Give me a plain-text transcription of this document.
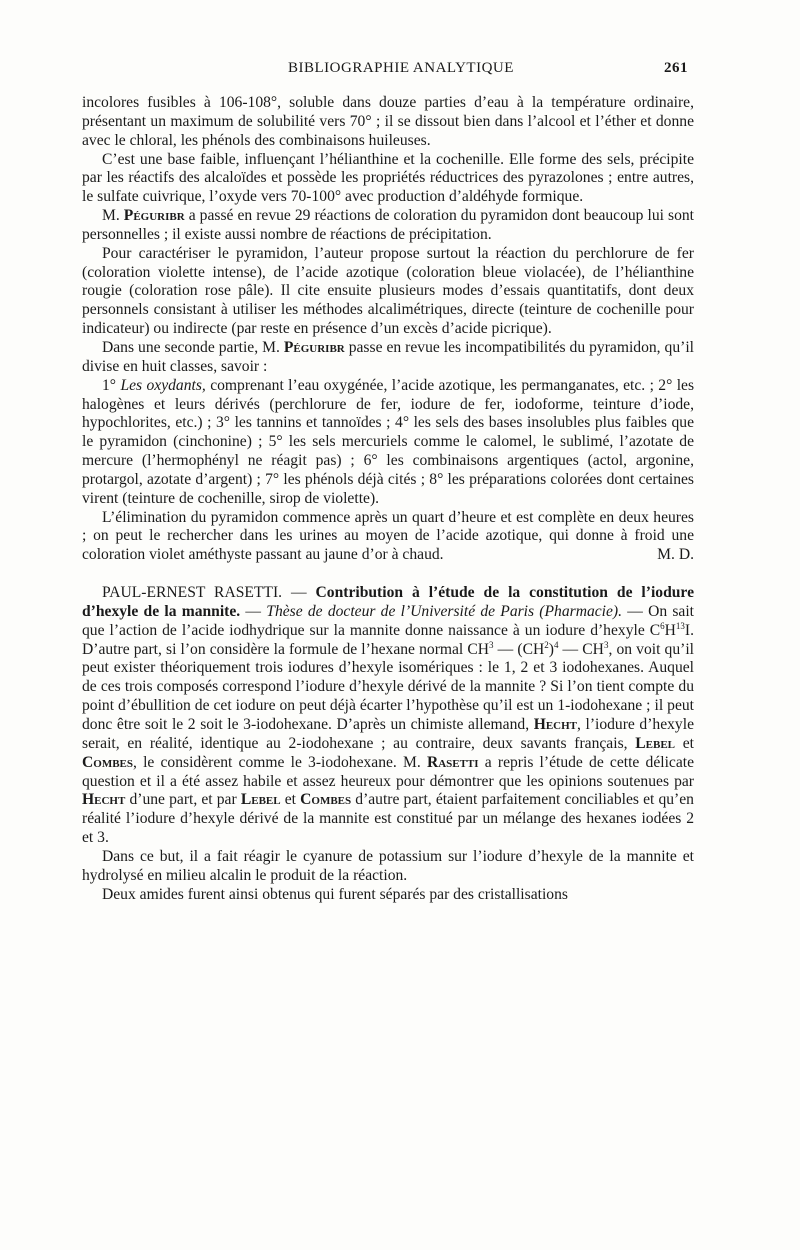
BIBLIOGRAPHIE ANALYTIQUE	261

incolores fusibles à 106-108°, soluble dans douze parties d’eau à la température ordinaire, présentant un maximum de solubilité vers 70° ; il se dissout bien dans l’alcool et l’éther et donne avec le chloral, les phénols des combinaisons huileuses.

C’est une base faible, influençant l’hélianthine et la cochenille. Elle forme des sels, précipite par les réactifs des alcaloïdes et possède les propriétés réductrices des pyrazolones ; entre autres, le sulfate cuivrique, l’oxyde vers 70-100° avec production d’aldéhyde formique.

M. Péguribr a passé en revue 29 réactions de coloration du pyramidon dont beaucoup lui sont personnelles ; il existe aussi nombre de réactions de précipitation.

Pour caractériser le pyramidon, l’auteur propose surtout la réaction du perchlorure de fer (coloration violette intense), de l’acide azotique (coloration bleue violacée), de l’hélianthine rougie (coloration rose pâle). Il cite ensuite plusieurs modes d’essais quantitatifs, dont deux personnels consistant à utiliser les méthodes alcalimétriques, directe (teinture de cochenille pour indicateur) ou indirecte (par reste en présence d’un excès d’acide picrique).

Dans une seconde partie, M. Péguribr passe en revue les incompatibilités du pyramidon, qu’il divise en huit classes, savoir :

1° Les oxydants, comprenant l’eau oxygénée, l’acide azotique, les permanganates, etc. ; 2° les halogènes et leurs dérivés (perchlorure de fer, iodure de fer, iodoforme, teinture d’iode, hypochlorites, etc.) ; 3° les tannins et tannoïdes ; 4° les sels des bases insolubles plus faibles que le pyramidon (cinchonine) ; 5° les sels mercuriels comme le calomel, le sublimé, l’azotate de mercure (l’hermophényl ne réagit pas) ; 6° les combinaisons argentiques (actol, argonine, protargol, azotate d’argent) ; 7° les phénols déjà cités ; 8° les préparations colorées dont certaines virent (teinture de cochenille, sirop de violette).

L’élimination du pyramidon commence après un quart d’heure et est complète en deux heures ; on peut le rechercher dans les urines au moyen de l’acide azotique, qui donne à froid une coloration violet améthyste passant au jaune d’or à chaud.	M. D.

PAUL-ERNEST RASETTI. — Contribution à l’étude de la constitution de l’iodure d’hexyle de la mannite. — Thèse de docteur de l’Université de Paris (Pharmacie). — On sait que l’action de l’acide iodhydrique sur la mannite donne naissance à un iodure d’hexyle $C^6H^{13}I$. D’autre part, si l’on considère la formule de l’hexane normal $CH^3$ — $(CH^2)^4$ — $CH^3$, on voit qu’il peut exister théoriquement trois iodures d’hexyle isomériques : le 1, 2 et 3 iodohexanes. Auquel de ces trois composés correspond l’iodure d’hexyle dérivé de la mannite ? Si l’on tient compte du point d’ébullition de cet iodure on peut déjà écarter l’hypothèse qu’il est un 1-iodohexane ; il peut donc être soit le 2 soit le 3-iodohexane. D’après un chimiste allemand, Hecht, l’iodure d’hexyle serait, en réalité, identique au 2-iodohexane ; au contraire, deux savants français, Lebel et Combes, le considèrent comme le 3-iodohexane. M. Rasetti a repris l’étude de cette délicate question et il a été assez habile et assez heureux pour démontrer que les opinions soutenues par Hecht d’une part, et par Lebel et Combes d’autre part, étaient parfaitement conciliables et qu’en réalité l’iodure d’hexyle dérivé de la mannite est constitué par un mélange des hexanes iodées 2 et 3.

Dans ce but, il a fait réagir le cyanure de potassium sur l’iodure d’hexyle de la mannite et hydrolysé en milieu alcalin le produit de la réaction.

Deux amides furent ainsi obtenus qui furent séparés par des cristallisations
